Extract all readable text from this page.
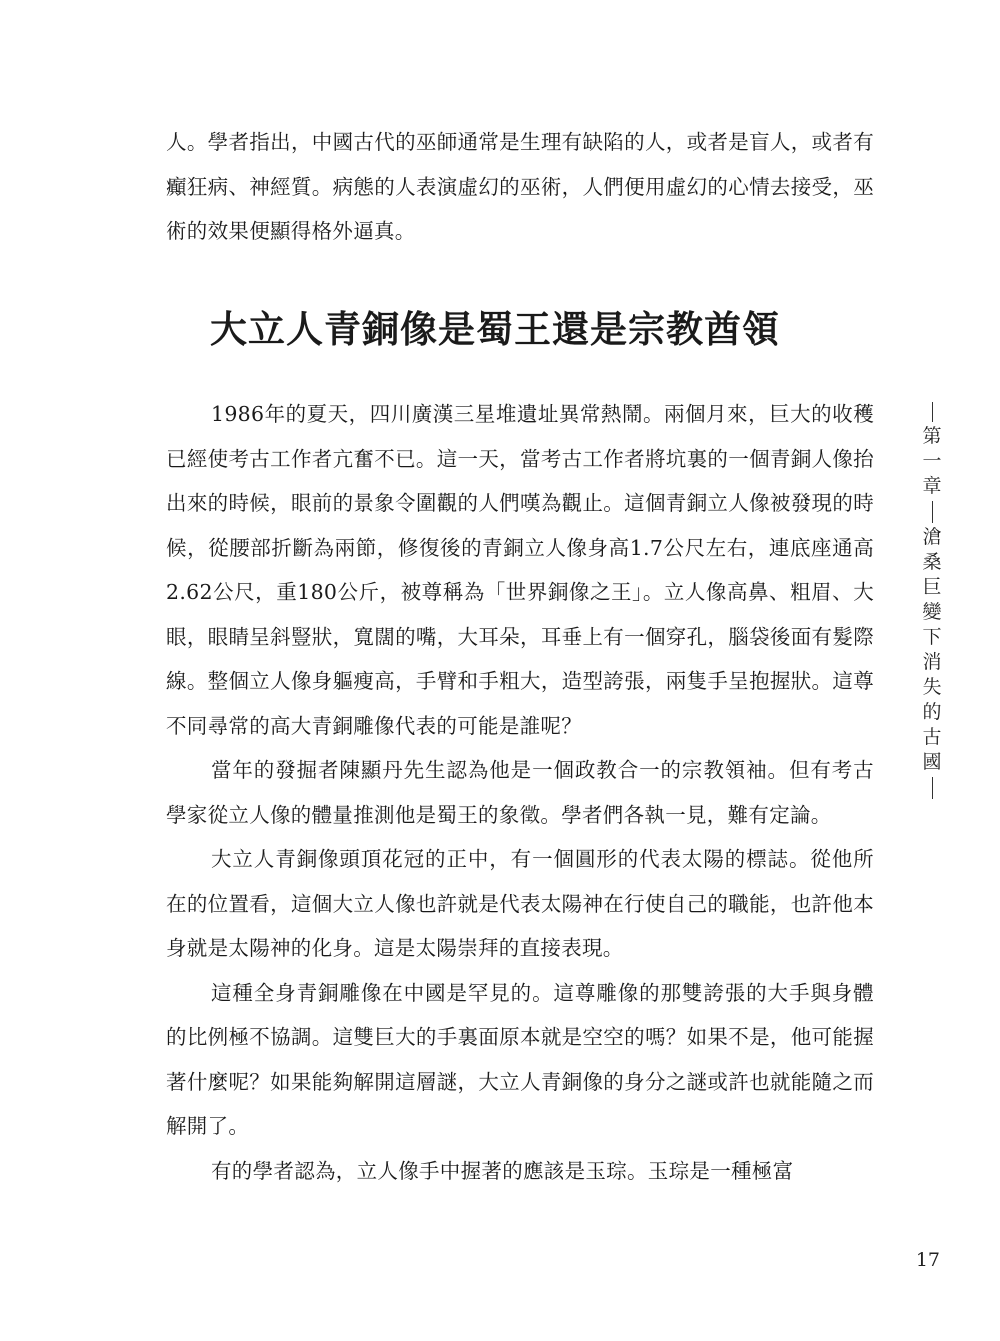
人。學者指出，中國古代的巫師通常是生理有缺陷的人，或者是盲人，或者有癲狂病、神經質。病態的人表演虛幻的巫術，人們便用虛幻的心情去接受，巫術的效果便顯得格外逼真。

大立人青銅像是蜀王還是宗教酋領

1986年的夏天，四川廣漢三星堆遺址異常熱鬧。兩個月來，巨大的收穫已經使考古工作者亢奮不已。這一天，當考古工作者將坑裏的一個青銅人像抬出來的時候，眼前的景象令圍觀的人們嘆為觀止。這個青銅立人像被發現的時候，從腰部折斷為兩節，修復後的青銅立人像身高1.7公尺左右，連底座通高2.62公尺，重180公斤，被尊稱為「世界銅像之王」。立人像高鼻、粗眉、大眼，眼睛呈斜豎狀，寬闊的嘴，大耳朵，耳垂上有一個穿孔，腦袋後面有髮際線。整個立人像身軀瘦高，手臂和手粗大，造型誇張，兩隻手呈抱握狀。這尊不同尋常的高大青銅雕像代表的可能是誰呢？

當年的發掘者陳顯丹先生認為他是一個政教合一的宗教領袖。但有考古學家從立人像的體量推測他是蜀王的象徵。學者們各執一見，難有定論。

大立人青銅像頭頂花冠的正中，有一個圓形的代表太陽的標誌。從他所在的位置看，這個大立人像也許就是代表太陽神在行使自己的職能，也許他本身就是太陽神的化身。這是太陽崇拜的直接表現。

這種全身青銅雕像在中國是罕見的。這尊雕像的那雙誇張的大手與身體的比例極不協調。這雙巨大的手裏面原本就是空空的嗎？如果不是，他可能握著什麼呢？如果能夠解開這層謎，大立人青銅像的身分之謎或許也就能隨之而解開了。

有的學者認為，立人像手中握著的應該是玉琮。玉琮是一種極富

第
一
章
滄
桑
巨
變
下
消
失
的
古
國
17
